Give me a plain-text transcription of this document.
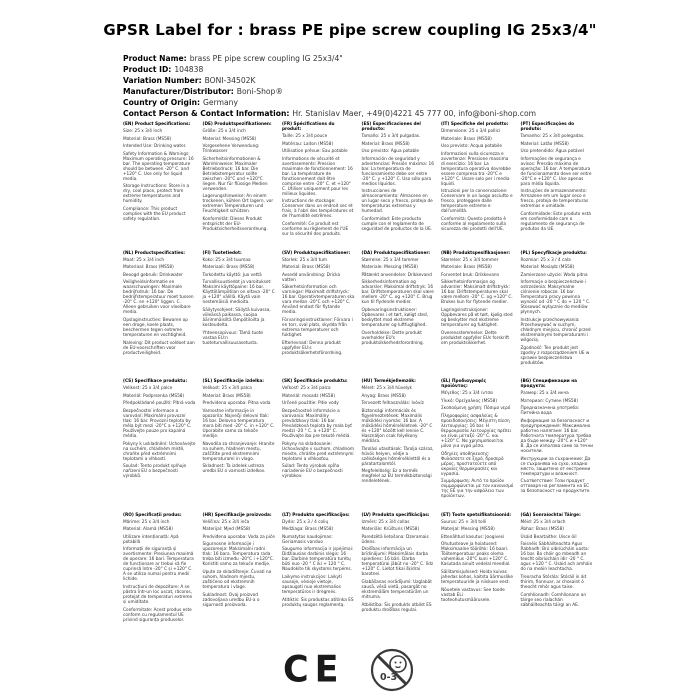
GPSR Label for : brass PE pipe screw coupling IG 25x3/4"
Product Name: brass PE pipe screw coupling IG 25x3/4"
Product ID: 104838
Variation Number: BONI-34502K
Manufacturer/Distributor: Boni-Shop®
Country of Origin: Germany
Contact Person & Contact Information: Hr. Stanislav Maer, +49(0)4221 45 777 00, info@boni-shop.com
(EN) Product Specifications:

Size: 25 x 3/4 inch

Material: Brass (MS58)

Intended Use: Drinking water.

Safety Information & Warnings: Maximum operating pressure: 16 bar. The operating temperature should be between -20° C. and +120° C. Use only for liquid media.

Storage Instructions: Store in a dry, cool place, protect from extreme temperatures and humidity.

Compliance: This product complies with the EU product safety regulation.

(DE) Produktspezifikationen:

Größe: 25 x 3/4 inch

Material: Messing (MS58)

Vorgesehene Verwendung: Trinkwasser

Sicherheitsinformationen & Warnhinweise: Maximaler Betriebsdruck: 16 bar. Die Betriebstemperatur sollte zwischen -20°C und +120°C liegen. Nur für flüssige Medien verwenden.

Lagerungshinweise: An einem trockenen, kühlen Ort lagern, vor extremen Temperaturen und Feuchtigkeit schützen.

Konformität: Dieses Produkt entspricht der EU-Produktsicherheitsverordnung.

(FR) Spécifications du produit:

Taille: 25 x 3/4 pouce

Matériau: Laiton (MS58)

Utilisation prévue: Eau potable

Informations de sécurité et avertissements: Pression maximale de fonctionnement: 16 bar. La température de fonctionnement doit être comprise entre -20° C. et +120° C. Utiliser uniquement pour les milieux liquides.

Instructions de stockage: Conserver dans un endroit sec et frais, à l'abri des températures et de l'humidité extrêmes.

Conformité: Ce produit est conforme au règlement de l'UE sur la sécurité des produits.

(ES) Especificaciones del producto:

Tamaño: 25 x 3/4 pulgadas.

Material: Brass (MS58)

Uso previsto: Agua potable

Información de seguridad y advertencias: Presión máxima: 16 bar. La temperatura de funcionamiento debe ser entre -20° C. y +120° C. Uso sólo para medios líquidos.

Instrucciones de almacenamiento: Almacene en un lugar seco y fresco, proteja de temperaturas extremas y humedad.

Conformidad: Este producto cumple con el reglamento de seguridad de productos de la UE.

(IT) Specifiche del prodotto:

Dimensione: 25 x 3/4 pollici

Materiale: Brass (MS58)

Uso previsto: Acqua potabile

Informazioni sulla sicurezza e avvertenze: Pressione massima di esercizio: 16 bar. La temperatura operativa dovrebbe essere compresa tra -20°C e +120° C. Usare solo per i media liquidi.

Istruzioni per la conservazione: Conservare in un luogo asciutto e fresco, proteggere dalle temperature estreme e dall'umidità.

Conformità: Questo prodotto è conforme al regolamento sulla sicurezza dei prodotti dell'UE.

(PT) Especificações do produto:

Tamanho: 25 x 3/4 polegadas.

Material: Latão (MS58)

Uso pretendido: Água potável

Informações de segurança e avisos: Pressão máxima de operação: 16 bar. A temperatura de funcionamento deve ser entre -20°C e +120° C. Use apenas para mídia líquida.

Instruções de armazenamento: Armazene em um lugar seco e fresco, proteja de temperaturas extremas e umidade.

Conformidade: Este produto está em conformidade com o regulamento de segurança de produtos da UE.

(NL) Productspecificaties:

Maat: 25 x 3/4 inch

Materiaal: Brass (MS58)

Beoogd gebruik: Drinkwater

Veiligheidsinformatie en waarschuwingen: Maximale bedrijfsdruk: 16 bar. De bedrijfstemperatuur moet tussen -20° C. en +120° liggen. C. Alleen gebruiken voor vloeibare media.

Opslaginstructies: Bewaren op een droge, koele plaats, beschermen tegen extreme temperaturen en vochtigheid.

Naleving: Dit product voldoet aan de EU-voorschriften voor productveiligheid.

(FI) Tuotetiedot:

Koko: 25 x 3/4 tuumaa

Materiaali: Brass (MS58)

Tarkoitettu käyttö: Juo vettä

Turvallisuustiedot ja varoitukset: Maksimi käyttöpaine: 16 bar. Käyttölämpötilan on oltava -20° C ja +120° välillä. Käytä vain nestemäisiä medioita.

Säilytysohjeet: Säilytä kuivassa, viileässä paikassa, suojaa äärimmäisiltä lämpötiloilta ja kosteudelta.

Yhteensopivuus: Tämä tuote vastaa EU:n tuoteturvallisuusasetusta.

(SV) Produktspecifikationer:

Storlek: 25 x 3/4 tum

Material: Brass (MS58)

Avsedd användning: Dricka vatten

Säkerhetsinformation och varningar: Maximalt driftstryck: 16 bar. Operativtemperaturen ska vara mellan -20°C och +120° C. Använd endast för flytande media.

Förvaringsinstruktioner: Förvara i en torr, sval plats, skydda från extrema temperaturer och fuktighet.

Efterlevnad: Denna produkt uppfyller EU:s produktsäkerhetsförordning.

(DA) Produktspecifikationer:

Størrelse: 25 x 3/4 tommer

Materiale: Messing (MS58)

Påtænkt anvendelse: Drikkevand

Sikkerhedsinformation og advarsler: Maksimal driftstryk: 16 bar. Driftstemperaturen skal være mellem -20° C. og +120° C. Brug kun til flydende medier.

Opbevaringsinstruktioner: Opbevares i et tørt, køligt sted, beskyttet mod ekstreme temperaturer og luftfugtighed.

Overholdelse: Dette produkt overholder EU's produktsikkerhedsforordning.

(NB) Produktspesifikasjoner:

Størrelse: 25 x 3/4 tommer

Materiale: Brass (MS58)

Forventet bruk: Drikkevann

Sikkerhetsinformasjon og advarsler: Maksimalt driftstrykk: 16 bar. Driftstemperaturen skal være mellom -20° C. og +120° C. Brukes kun for flytende medier.

Lagringsinstruksjoner: Oppbevares på et tørt, kjølig sted og beskytter mot ekstreme temperaturer og fuktighet.

Overensstemmelse: Dette produktet oppfyller EUs forskrift om produktsikkerhet.

(PL) Specyfikacje produktu:

Rozmiar: 25 x 3 / 4 cala

Materiał: Mosiądz (MS58)

Zamierzone użycie: Woda pitna

Informacje o bezpieczeństwie i ostrzeżenia: Maksymalne ciśnienie robocze: 16 bar. Temperatura pracy powinna wynosić od -20 ° C do + 120 ° C. Stosować wyłącznie do mediów płynnych.

Instrukcje przechowywania: Przechowywać w suchym, chłodnym miejscu, chronić przed ekstremalnymi temperaturami i wilgocią.

Zgodność: Ten produkt jest zgodny z rozporządzeniem UE w sprawie bezpieczeństwa produktów.

(CS) Specifikace produktu:

Velikost: 25 x 3/4 palce

Materiál: Podprsenka (MS58)

Předpokládané použití: Pitná voda

Bezpečnostní informace a varování: Maximální provozní tlak: 16 bar. Provozní teplota by měla být mezi -20°C a +120° C. Používejte pouze pro kapalná média.

Pokyny k uskladnění: Uchovávejte na suchém, chladném místě, chraňte před extrémními teplotami a vlhkostí.

Soulad: Tento produkt splňuje nařízení EU o bezpečnosti výrobků.

(SL) Specifikacije izdelka:

Velikost: 25 x 3/4 palca

Material: Brass (MS58)

Predvidena uporaba: Pitna voda

Varnostne informacije in opozorila: Največji delovni tlak: 16 bar. Delovna temperatura mora biti med -20° C. in +120° C. Uporabite samo za tekoče medije.

Navodila za shranjevanje: Hranite na suhem, hladnem mestu, zaščitite pred ekstremnimi temperaturami in vlago.

Skladnost: Ta izdelek ustreza uredbi EU o varnosti izdelkov.

(SK) Špecifikácie produktu:

Veľkosť: 25 x 3/4 palca

Materiál: mosadz (MS58)

Určené použitie: Pitie vody

Bezpečnostné informácie a varovania: Maximálny prevádzkový tlak: 16 bar. Prevádzková teplota by mala byť medzi -20 ° C. a +120° C. Používajte iba pre tekuté médiá.

Pokyny na skladovanie: Uchovávajte v suchom, chladnom mieste, chráňte pred extrémnymi teplotami a vlhkosťou.

Súlad: Tento výrobok spĺňa nariadenie EÚ o bezpečnosti výrobkov.

(HU) Termékjellemzők:

Méret: 25 x 3/4 hüvelyk

Anyag: Brass (MS58)

Tervezett felhasználás: Ivóvíz

Biztonsági információk és figyelmeztetések: Maximális működési nyomás: 16 bar. A működési hőmérsékletnek -20° C és +120° között kell lennie C. Használjon csak folyékony médiára.

Tárolási utasítások: Tárolja száraz, hűvös helyen, védje a szélsőséges hőmérséklettől és a páratartalomtól.

Megfelelőség: Ez a termék megfelel az EU termékbiztonsági rendeletének.

(EL) Προδιαγραφές προϊόντος:

Μέγεθος: 25 x 3/4 ίντσα

Υλικό: Ορείχαλκος (MS58)

Σκοπούμενη χρήση: Πόσιμο νερό

Πληροφορίες ασφαλείας & προειδοποιήσεις: Μέγιστη πίεση λειτουργίας: 16 bar. Η θερμοκρασία λειτουργίας πρέπει να είναι μεταξύ -20° C. και +120° C. Να χρησιμοποιείται μόνο για υγρά μέσα.

Οδηγίες αποθήκευσης: Φυλάσσετε σε ξηρό, δροσερό μέρος, προστατεύετε από ακραίες θερμοκρασίες και υγρασία.

Συμμόρφωση: Αυτό το προϊόν συμμορφώνεται με τον κανονισμό της ΕΕ για την ασφάλεια των προϊόντων.

(BG) Спецификации на продукта:

Размер: 25 x 3/4 инча

Материал: Сутиен (MS58)

Предназначена употреба: Питейна вода

Информация за безопасност и предупреждения: Максимално работно налягане: 16 bar. Работната температура трябва да бъде между -20°C и +120° В. Да се използва само за течни носители.

Инструкции за съхранение: Да се съхранява на сухо, хладно място, защитено от екстремни температури и влажност.

Съответствие: Този продукт отговаря на регламента на ЕС за безопасност на продуктите.

(RO) Specificații produs:

Mărime: 25 x 3/4 inch

Material: Alamă (MS58)

Utilizare intenționată: Apă potabilă

Informații de siguranță și avertismente: Presiunea maximă de operare: 16 bari. Temperatura de funcționare ar trebui să fie cuprinsă între -20° C și +120° C. A se utiliza numai pentru medii lichide.

Instrucțiuni de depozitare: A se păstra într-un loc uscat, răcoros, protejat de temperaturi extreme și umiditate.

Conformitate: Acest produs este conform cu regulamentul UE privind siguranța produselor.

(HR) Specifikacije proizvoda:

Veličina: 25 x 3/4 inča

Materijal: Mjed (MS58)

Predviđena uporaba: Voda za piće

Sigurnosne informacije i upozorenja: Maksimalni radni tlak: 16 bara. Temperatura rada treba biti između -20°C i +120°C. Koristiti samo za tekuće medije.

Upute za skladištenje: Čuvati na suhom, hladnom mjestu, zaštićeno od ekstremnih temperatura i vlage.

Sukladnost: Ovaj proizvod zadovoljava uredbu EU-a o sigurnosti proizvoda.

(LT) Produkto specifikacijos:

Dydis: 25 x 3 / 4 colių

Medžiaga: Brass (MS58)

Numatytas naudojimas: Geriamasis vanduo

Saugumo informacija ir įspėjimai: Didžiausias darbinis slėgis: 16 bar. Darbinė temperatūra turėtų būti nuo -20 ° C iki + 120 ° C. Naudokite tik skystoms terpėms.

Laikymo instrukcijos: Laikyti sausoje, vėsioje vietoje, apsaugoti nuo ekstremalios temperatūros ir drėgmės.

Atitiktis: Šis produktas atitinka ES produktų saugos reglamentą.

(LV) Produkta specifikācijas:

Izmērs: 25 x 3/4 collas

Materiāls: Krūšturis (MS58)

Paredzētā lietošana: Dzeramais ūdens.

Drošības informācija un brīdinājumi: Maksimālais darba spiediens: 16 bāri. Darba temperatūrai jābūt no -20° C. līdz +120° C. Lietot tikai šķidrai barotnei.

Glabāšanas norādījumi: Uzglabāt sausā, vēsā vietā, pasargāt no ekstremālām temperatūrām un mitruma.

Atbilstība: Šis produkts atbilst ES produktu drošības regulai.

(ET) Toote spetsifikatsioonid:

Suurus: 25 × 3/4 tolli

Materjal: Messing (MS58)

Ettenähtud kasutus: Joogivesi

Ohutusteave ja hoiatused: Maksimaalne töörõhk: 16 baari. Töötemperatuur peaks olema vahemikus -20°C kuni +120° C. Kasutada ainult vedelal meedial.

Säilitamisjuhised: Hoida kuivas jahedas kohas, kaitsta äärmuslike temperatuuride ja niiskuse eest.

Nõuetele vastavus: See toode vastab ELi tooteohutusmäärusele.

(GA) Sonraíochtaí Táirge:

Méid: 25 x 3/4 orlach

Ábhar: Brass (MS58)

Úsáid Beartaithe: Uisce óil

Faisnéis Sábháilteachta Agus Rabhadh: Brú oibriúcháin uasta: 16 bar. Ba chóir go mbeadh an teocht oibriúcháin idir -20 ° C. agus +120 ° C. Úsáid ach amháin do na meáin leachtacha.

Treoracha Stórála: Stóráil in áit thirim, fionnuar, ar chosaint ó theocht mhór agus taise.

Comhlíonadh: Comhlíonann an táirge seo rialachán sábháilteachta táirgí an AE.

CE	0-3
